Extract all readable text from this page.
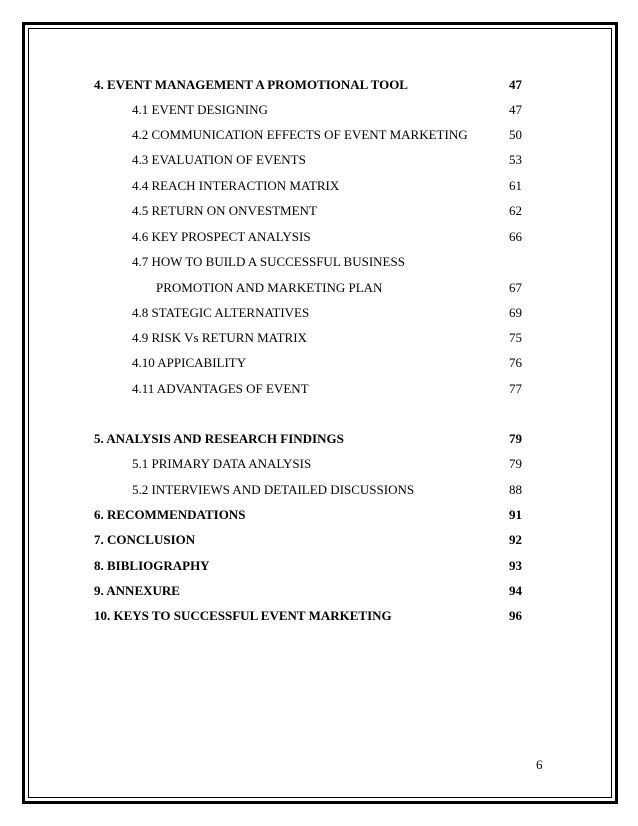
4. EVENT MANAGEMENT A PROMOTIONAL TOOL	47
4.1 EVENT DESIGNING	47
4.2 COMMUNICATION EFFECTS OF EVENT MARKETING	50
4.3 EVALUATION OF EVENTS	53
4.4 REACH INTERACTION MATRIX	61
4.5 RETURN ON ONVESTMENT	62
4.6 KEY PROSPECT ANALYSIS	66
4.7 HOW TO BUILD A SUCCESSFUL BUSINESS
PROMOTION AND MARKETING PLAN	67
4.8 STATEGIC ALTERNATIVES	69
4.9 RISK Vs RETURN MATRIX	75
4.10 APPICABILITY	76
4.11 ADVANTAGES OF EVENT	77
5. ANALYSIS AND RESEARCH FINDINGS	79
5.1 PRIMARY DATA ANALYSIS	79
5.2 INTERVIEWS AND DETAILED DISCUSSIONS	88
6. RECOMMENDATIONS	91
7. CONCLUSION	92
8. BIBLIOGRAPHY	93
9. ANNEXURE	94
10. KEYS TO SUCCESSFUL EVENT MARKETING	96
6
